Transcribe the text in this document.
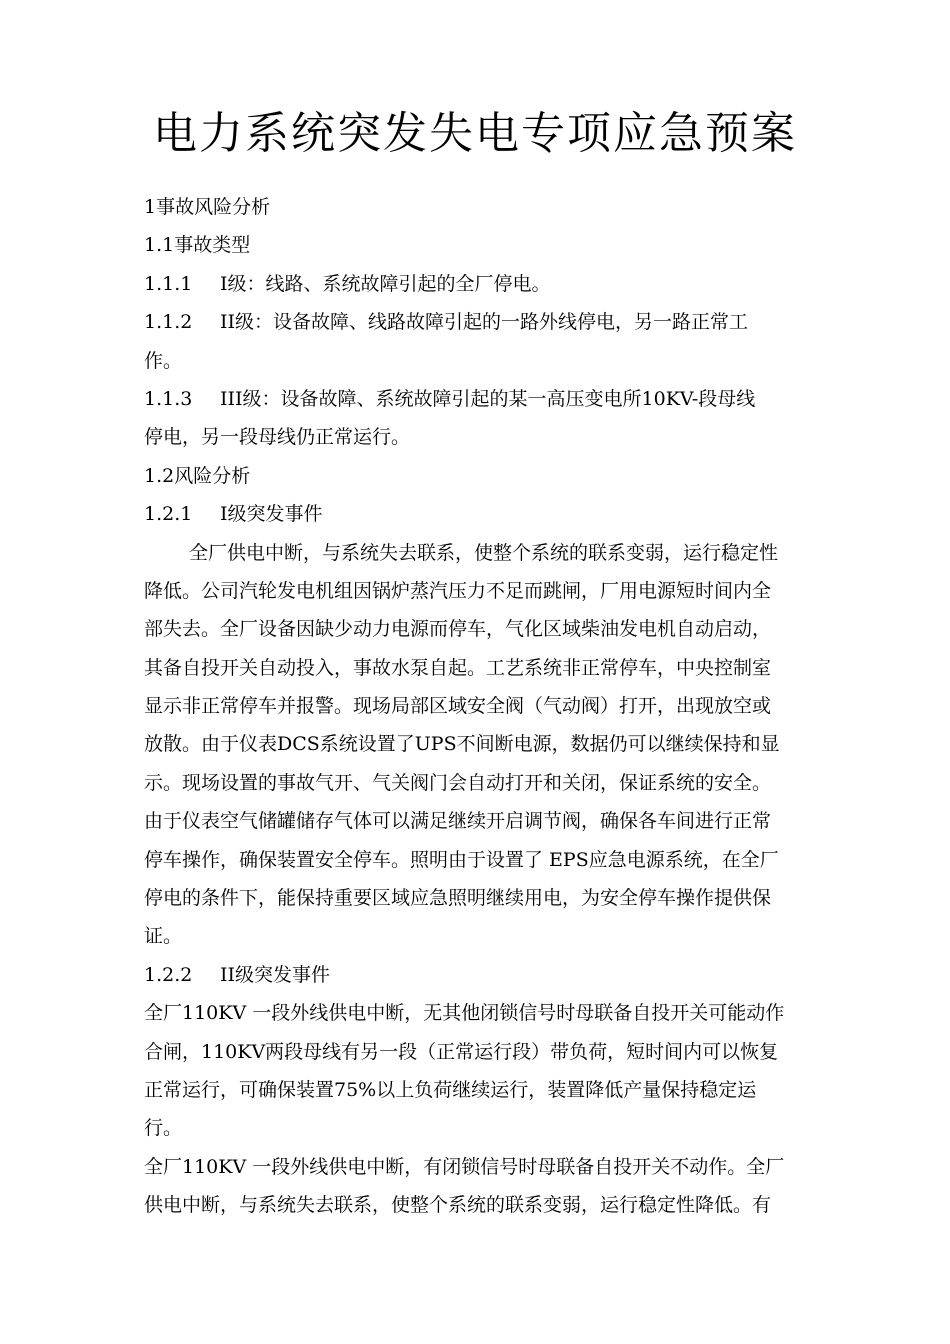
电力系统突发失电专项应急预案

1事故风险分析

1.1事故类型

1.1.1 I级：线路、系统故障引起的全厂停电。

1.1.2 II级：设备故障、线路故障引起的一路外线停电，另一路正常工

作。

1.1.3 III级：设备故障、系统故障引起的某一高压变电所10KV-段母线

停电，另一段母线仍正常运行。

1.2风险分析

1.2.1 I级突发事件

全厂供电中断，与系统失去联系，使整个系统的联系变弱，运行稳定性

降低。公司汽轮发电机组因锅炉蒸汽压力不足而跳闸，厂用电源短时间内全

部失去。全厂设备因缺少动力电源而停车，气化区域柴油发电机自动启动，

其备自投开关自动投入，事故水泵自起。工艺系统非正常停车，中央控制室

显示非正常停车并报警。现场局部区域安全阀（气动阀）打开，出现放空或

放散。由于仪表DCS系统设置了UPS不间断电源，数据仍可以继续保持和显

示。现场设置的事故气开、气关阀门会自动打开和关闭，保证系统的安全。

由于仪表空气储罐储存气体可以满足继续开启调节阀，确保各车间进行正常

停车操作，确保装置安全停车。照明由于设置了 EPS应急电源系统，在全厂

停电的条件下，能保持重要区域应急照明继续用电，为安全停车操作提供保

证。

1.2.2 II级突发事件

全厂110KV 一段外线供电中断，无其他闭锁信号时母联备自投开关可能动作

合闸，110KV两段母线有另一段（正常运行段）带负荷，短时间内可以恢复

正常运行，可确保装置75%以上负荷继续运行，装置降低产量保持稳定运

行。

全厂110KV 一段外线供电中断，有闭锁信号时母联备自投开关不动作。全厂

供电中断，与系统失去联系，使整个系统的联系变弱，运行稳定性降低。有
